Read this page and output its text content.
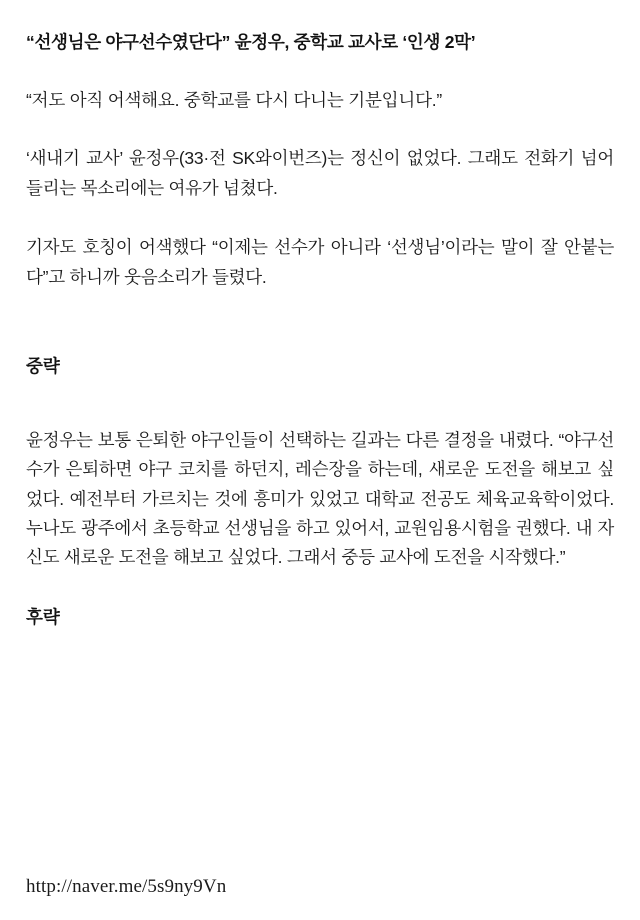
“선생님은 야구선수였단다” 윤정우, 중학교 교사로 ‘인생 2막’

“저도 아직 어색해요. 중학교를 다시 다니는 기분입니다.”

‘새내기 교사’ 윤정우(33·전 SK와이번즈)는 정신이 없었다. 그래도 전화기 넘어 들리는 목소리에는 여유가 넘쳤다.

기자도 호칭이 어색했다 “이제는 선수가 아니라 ‘선생님’이라는 말이 잘 안붙는다”고 하니까 웃음소리가 들렸다.

중략

윤정우는 보통 은퇴한 야구인들이 선택하는 길과는 다른 결정을 내렸다. “야구선수가 은퇴하면 야구 코치를 하던지, 레슨장을 하는데, 새로운 도전을 해보고 싶었다. 예전부터 가르치는 것에 흥미가 있었고 대학교 전공도 체육교육학이었다. 누나도 광주에서 초등학교 선생님을 하고 있어서, 교원임용시험을 권했다. 내 자신도 새로운 도전을 해보고 싶었다. 그래서 중등 교사에 도전을 시작했다.”

후략

http://naver.me/5s9ny9Vn
